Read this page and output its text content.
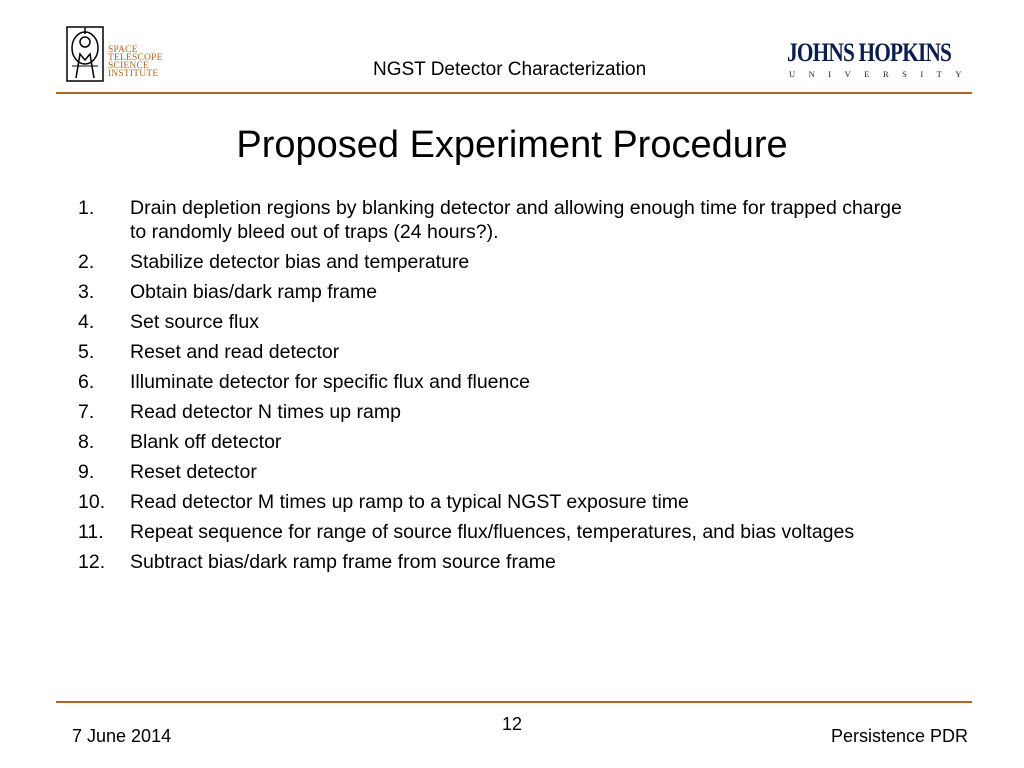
SPACE
TELESCOPE
SCIENCE
INSTITUTE	NGST Detector Characterization
JOHNS HOPKINS
UNIVERSITY
Proposed Experiment Procedure
1. Drain depletion regions by blanking detector and allowing enough time for trapped charge to randomly bleed out of traps (24 hours?).
2. Stabilize detector bias and temperature
3. Obtain bias/dark ramp frame
4. Set source flux
5. Reset and read detector
6. Illuminate detector for specific flux and fluence
7. Read detector N times up ramp
8. Blank off detector
9. Reset detector
10. Read detector M times up ramp to a typical NGST exposure time
11. Repeat sequence for range of source flux/fluences, temperatures, and bias voltages
12. Subtract bias/dark ramp frame from source frame
7 June 2014
12
Persistence PDR
